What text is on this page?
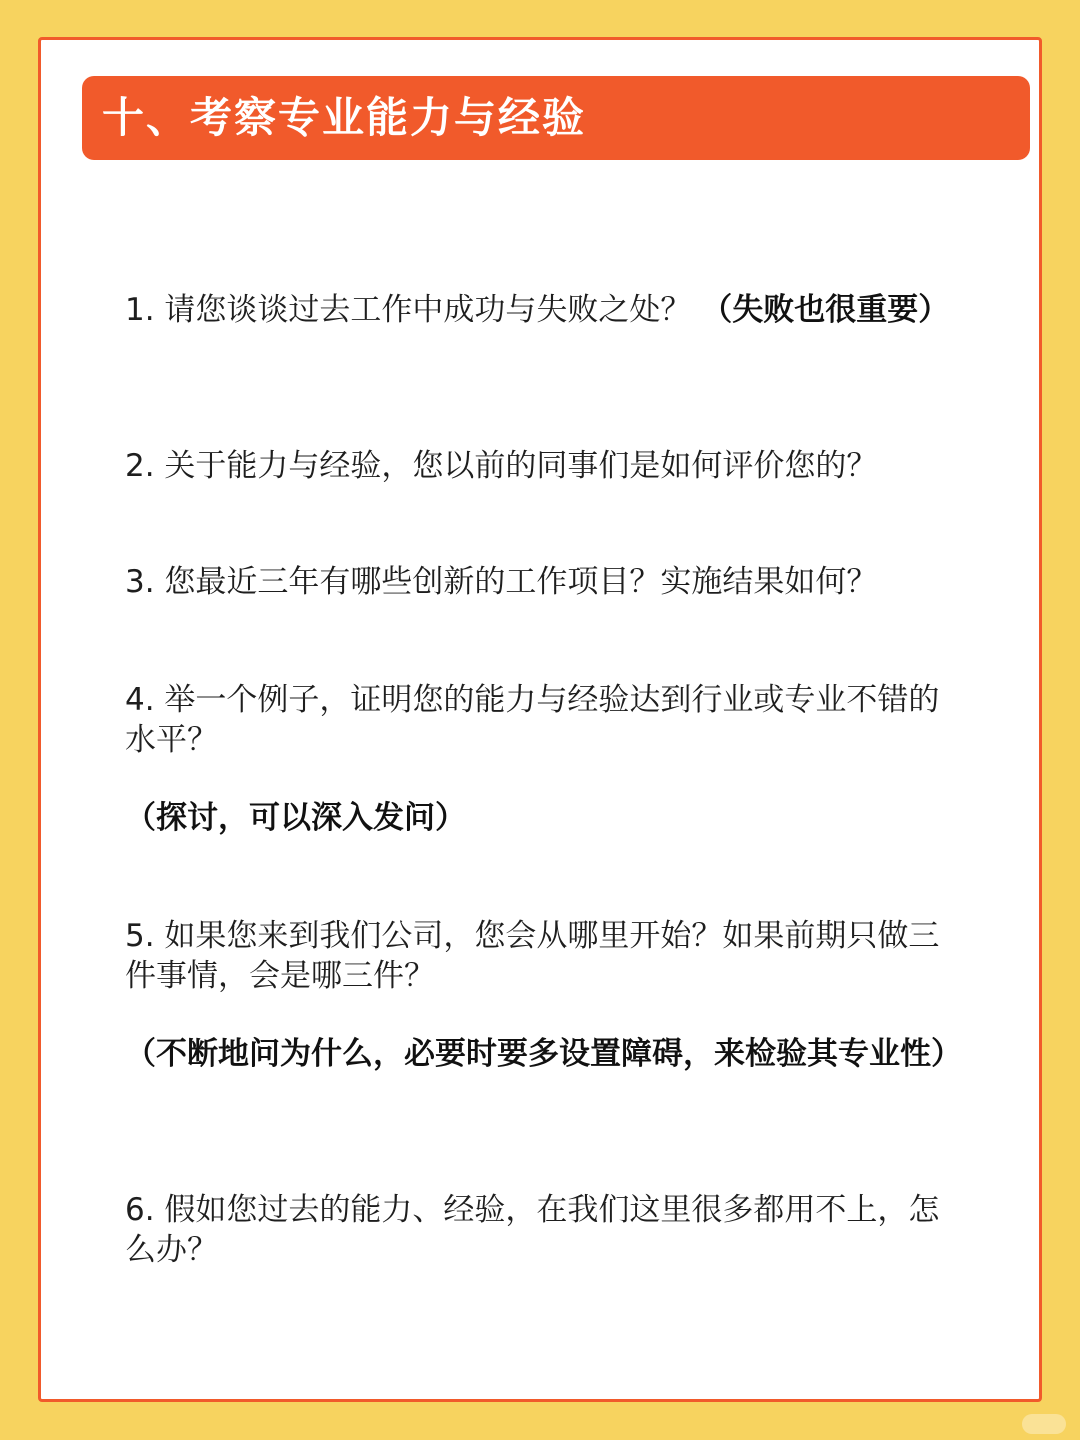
十、考察专业能力与经验

1. 请您谈谈过去工作中成功与失败之处？ （失败也很重要）

2. 关于能力与经验，您以前的同事们是如何评价您的？

3. 您最近三年有哪些创新的工作项目？实施结果如何？

4. 举一个例子，证明您的能力与经验达到行业或专业不错的水平？

（探讨，可以深入发问）

5. 如果您来到我们公司，您会从哪里开始？如果前期只做三件事情，会是哪三件？

（不断地问为什么，必要时要多设置障碍，来检验其专业性）

6. 假如您过去的能力、经验，在我们这里很多都用不上，怎么办？
